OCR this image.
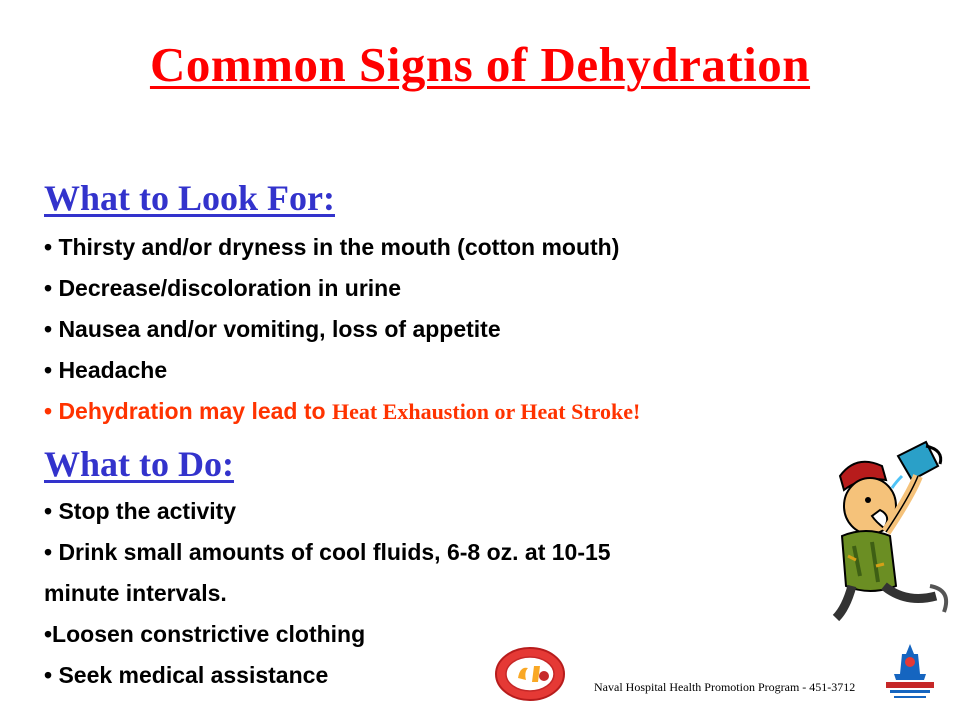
Common Signs of Dehydration
What to Look For:
• Thirsty and/or dryness in the mouth (cotton mouth)
• Decrease/discoloration in urine
• Nausea and/or vomiting, loss of appetite
• Headache
• Dehydration may lead to Heat Exhaustion or Heat Stroke!
What to Do:
• Stop the activity
• Drink small amounts of cool fluids, 6-8 oz. at 10-15
minute intervals.
•Loosen constrictive clothing
• Seek medical assistance	Naval Hospital Health Promotion Program - 451-3712
